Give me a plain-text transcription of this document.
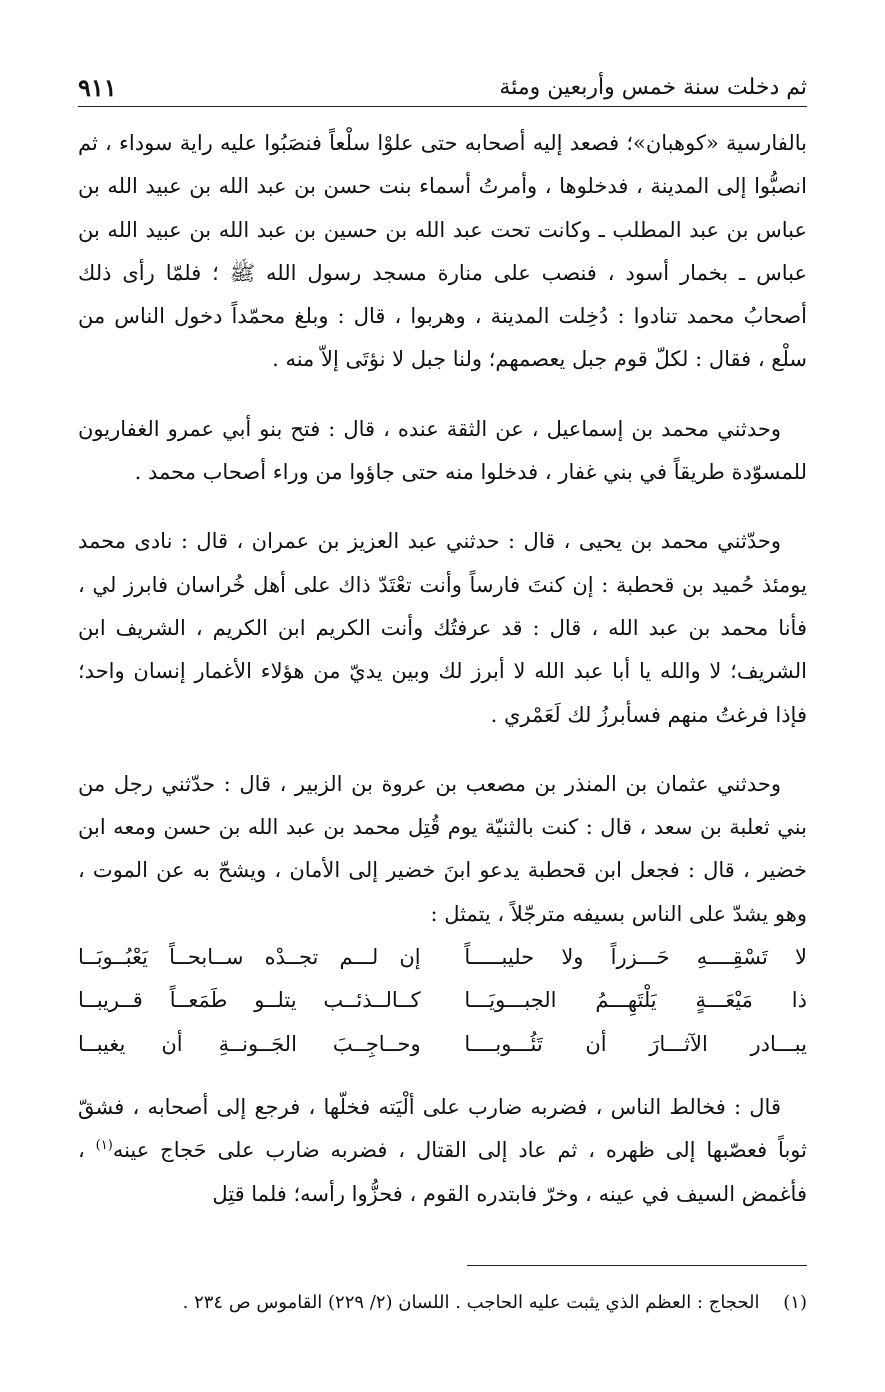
ثم دخلت سنة خمس وأربعين ومئة
٩١١

بالفارسية «كوهبان»؛ فصعد إليه أصحابه حتى علوْا سلْعاً فنصَبُوا عليه راية سوداء ، ثم انصبُّوا إلى المدينة ، فدخلوها ، وأمرتُ أسماء بنت حسن بن عبد الله بن عبيد الله بن عباس بن عبد المطلب ـ وكانت تحت عبد الله بن حسين بن عبد الله بن عبيد الله بن عباس ـ بخمار أسود ، فنصب على منارة مسجد رسول الله ﷺ ؛ فلمّا رأى ذلك أصحابُ محمد تنادوا : دُخِلت المدينة ، وهربوا ، قال : وبلغ محمّداً دخول الناس من سلْع ، فقال : لكلّ قوم جبل يعصمهم؛ ولنا جبل لا نؤتَى إلاّ منه .

وحدثني محمد بن إسماعيل ، عن الثقة عنده ، قال : فتح بنو أبي عمرو الغفاريون للمسوّدة طريقاً في بني غفار ، فدخلوا منه حتى جاؤوا من وراء أصحاب محمد .

وحدّثني محمد بن يحيى ، قال : حدثني عبد العزيز بن عمران ، قال : نادى محمد يومئذ حُميد بن قحطبة : إن كنتَ فارساً وأنت تعْتَدّ ذاك على أهل خُراسان فابرز لي ، فأنا محمد بن عبد الله ، قال : قد عرفتُك وأنت الكريم ابن الكريم ، الشريف ابن الشريف؛ لا والله يا أبا عبد الله لا أبرز لك وبين يديّ من هؤلاء الأغمار إنسان واحد؛ فإذا فرغتُ منهم فسأبرزُ لك لَعَمْري .

وحدثني عثمان بن المنذر بن مصعب بن عروة بن الزبير ، قال : حدّثني رجل من بني ثعلبة بن سعد ، قال : كنت بالثنيّة يوم قُتِل محمد بن عبد الله بن حسن ومعه ابن خضير ، قال : فجعل ابن قحطبة يدعو ابنَ خضير إلى الأمان ، ويشحّ به عن الموت ، وهو يشدّ على الناس بسيفه مترجّلاً ، يتمثل :

لا تَسْقِــــهِ حَـــزراً ولا حليبـــــاً
إن لـــم تجــدْه ســابحــاً يَعْبُــوبَــا
ذا مَيْعَـــةٍ يَلْتَهِـــمُ الجبـــويَـــا
كــالــذئــب يتلــو طَمَعــاً قــريبــا
يبـــادر الآثـــارَ أن تَئُـــوبــــا
وحــاجِــبَ الجَــونــةِ أن يغيبــا

قال : فخالط الناس ، فضربه ضارب على ألْيَته فخلّها ، فرجع إلى أصحابه ، فشقّ ثوباً فعصّبها إلى ظهره ، ثم عاد إلى القتال ، فضربه ضارب على حَجاج عينه$^{(١)}$ ، فأغمض السيف في عينه ، وخرّ فابتدره القوم ، فحزُّوا رأسه؛ فلما قتِل

(١) الحجاج : العظم الذي يثبت عليه الحاجب . اللسان (٢/ ٢٢٩) القاموس ص ٢٣٤ .
